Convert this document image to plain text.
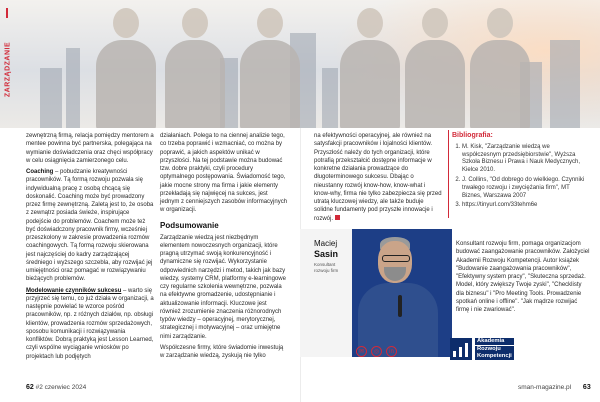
ZARZĄDZANIE

zewnętrzną firmą, relacja pomiędzy mentorem a mentee powinna być partnerska, polegająca na wymianie doświadczenia oraz chęci współpracy w celu osiągnięcia zamierzonego celu.

Coaching – pobudzanie kreatywności pracowników. Tą formą rozwoju pozwala się indywidualną pracę z osobą chcącą się doskonalić. Coaching może być prowadzony przez firmę zewnętrzną. Zaletą jest to, że osoba z zewnątrz posiada świeże, inspirujące podejście do problemów. Coachem może też być doświadczony pracownik firmy, wcześniej przeszkolony w zakresie prowadzenia rozmów coachingowych. Tą formą rozwoju skierowana jest najczęściej do kadry zarządzającej średniego i wyższego szczebla, aby rozwijać jej umiejętności oraz pomagać w rozwiązywaniu bieżących problemów.

Modelowanie czynników sukcesu – warto się przyjrzeć się temu, co już działa w organizacji, a następnie powielać te wzorce pośród pracowników, np. z różnych działów, np. obsługi klientów, prowadzenia rozmów sprzedażowych, sposobu komunikacji i rozwiązywania konfliktów. Dobrą praktyką jest Lesson Learned, czyli wspólne wyciąganie wniosków po projektach lub podjętych

działaniach. Polega to na ciennej analizie tego, co trzeba poprawić i wzmacniać, co można by poprawić, a jakich aspektów unikać w przyszłości. Na tej podstawie można budować tzw. dobre praktyki, czyli procedury optymalnego postępowania. Świadomość tego, jakie mocne strony ma firma i jakie elementy przekładają się najwięcej na sukces, jest jednym z cenniejszych zasobów informacyjnych w organizacji.

Podsumowanie

Zarządzanie wiedzą jest niezbędnym elementem nowoczesnych organizacji, które pragną utrzymać swoją konkurencyjność i dynamiczne się rozwijać. Wykorzystanie odpowiednich narzędzi i metod, takich jak bazy wiedzy, systemy CRM, platformy e-learningowe czy regularne szkolenia wewnętrzne, pozwala na efektywne gromadzenie, udostępnianie i aktualizowanie informacji. Kluczowe jest również zrozumienie znaczenia różnorodnych typów wiedzy – operacyjnej, merytorycznej, strategicznej i motywacyjnej – oraz umiejętne nimi zarządzanie.

Współczesne firmy, które świadomie inwestują w zarządzanie wiedzą, zyskują nie tylko

na efektywności operacyjnej, ale również na satysfakcji pracowników i lojalności klientów. Przyszłość należy do tych organizacji, które potrafią przekształcić dostępne informacje w konkretne działania prowadzące do długoterminowego sukcesu. Dbając o nieustanny rozwój know-how, know-what i know-why, firma nie tylko zabezpiecza się przed utratą kluczowej wiedzy, ale także buduje solidne fundamenty pod przyszłe innowacje i rozwój.

Bibliografia:
1. M. Kisk, "Zarządzanie wiedzą we współczesnym przedsiębiorstwie", Wyższa Szkoła Biznesu i Prawa i Nauk Medycznych, Kielce 2010.
2. J. Collins, "Od dobrego do wielkiego. Czynniki trwałego rozwoju i zwyciężania firm", MT Biznes, Warszawa 2007
3. https://tinyurl.com/33tehm6e
Maciej
Sasin
Konsultant rozwoju firm

Konsultant rozwoju firm, pomaga organizacjom budować zaangażowanie pracowników. Założyciel Akademii Rozwoju Kompetencji. Autor książek "Budowanie zaangażowania pracowników", "Efektywny system pracy", "Skuteczna sprzedaż. Model, który zwiększy Twoje zyski", "Checklisty dla biznesu" i "Pro Meeting Tools. Prowadzenie spotkań online i offline". "Jak mądrze rozwijać firmę i nie zwariować".

✉	◎	in
Akademia
Rozwoju
Kompetencji
62 #2 czerwiec 2024	sman-magazine.pl 63
